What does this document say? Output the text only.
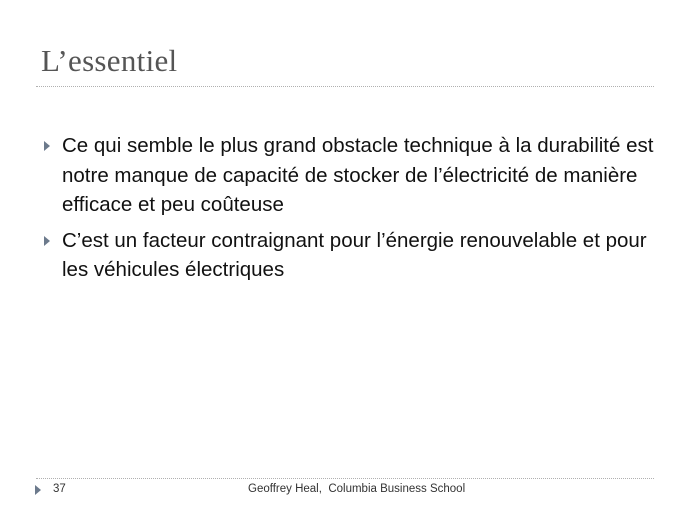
L’essentiel
Ce qui semble le plus grand obstacle technique à la durabilité est notre manque de capacité de stocker de l’électricité de manière efficace et peu coûteuse
C’est un facteur contraignant pour l’énergie renouvelable et pour les véhicules électriques
37	Geoffrey Heal,  Columbia Business School
